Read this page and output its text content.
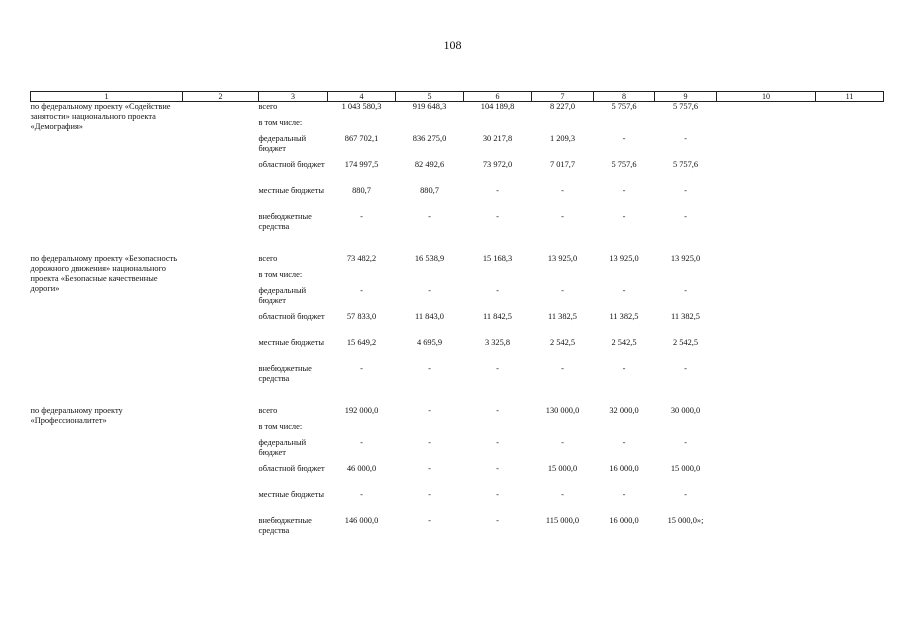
108
1	2	3	4	5	6	7	8	9	10	11
по федеральному проекту «Содействие занятости» национального проекта «Демография»		всего	1 043 580,3	919 648,3	104 189,8	8 227,0	5 757,6	5 757,6		
		в том числе:								
		федеральный бюджет	867 702,1	836 275,0	30 217,8	1 209,3	-	-		
		областной бюджет	174 997,5	82 492,6	73 972,0	7 017,7	5 757,6	5 757,6		
		местные бюджеты	880,7	880,7	-	-	-	-		
		внебюджетные средства	-	-	-	-	-	-		

по федеральному проекту «Безопасность дорожного движения» национального проекта «Безопасные качественные дороги»		всего	73 482,2	16 538,9	15 168,3	13 925,0	13 925,0	13 925,0		
		в том числе:								
		федеральный бюджет	-	-	-	-	-	-		
		областной бюджет	57 833,0	11 843,0	11 842,5	11 382,5	11 382,5	11 382,5		
		местные бюджеты	15 649,2	4 695,9	3 325,8	2 542,5	2 542,5	2 542,5		
		внебюджетные средства	-	-	-	-	-	-		

по федеральному проекту «Профессионалитет»		всего	192 000,0	-	-	130 000,0	32 000,0	30 000,0		
		в том числе:								
		федеральный бюджет	-	-	-	-	-	-		
		областной бюджет	46 000,0	-	-	15 000,0	16 000,0	15 000,0		
		местные бюджеты	-	-	-	-	-	-		
		внебюджетные средства	146 000,0	-	-	115 000,0	16 000,0	15 000,0»;		
